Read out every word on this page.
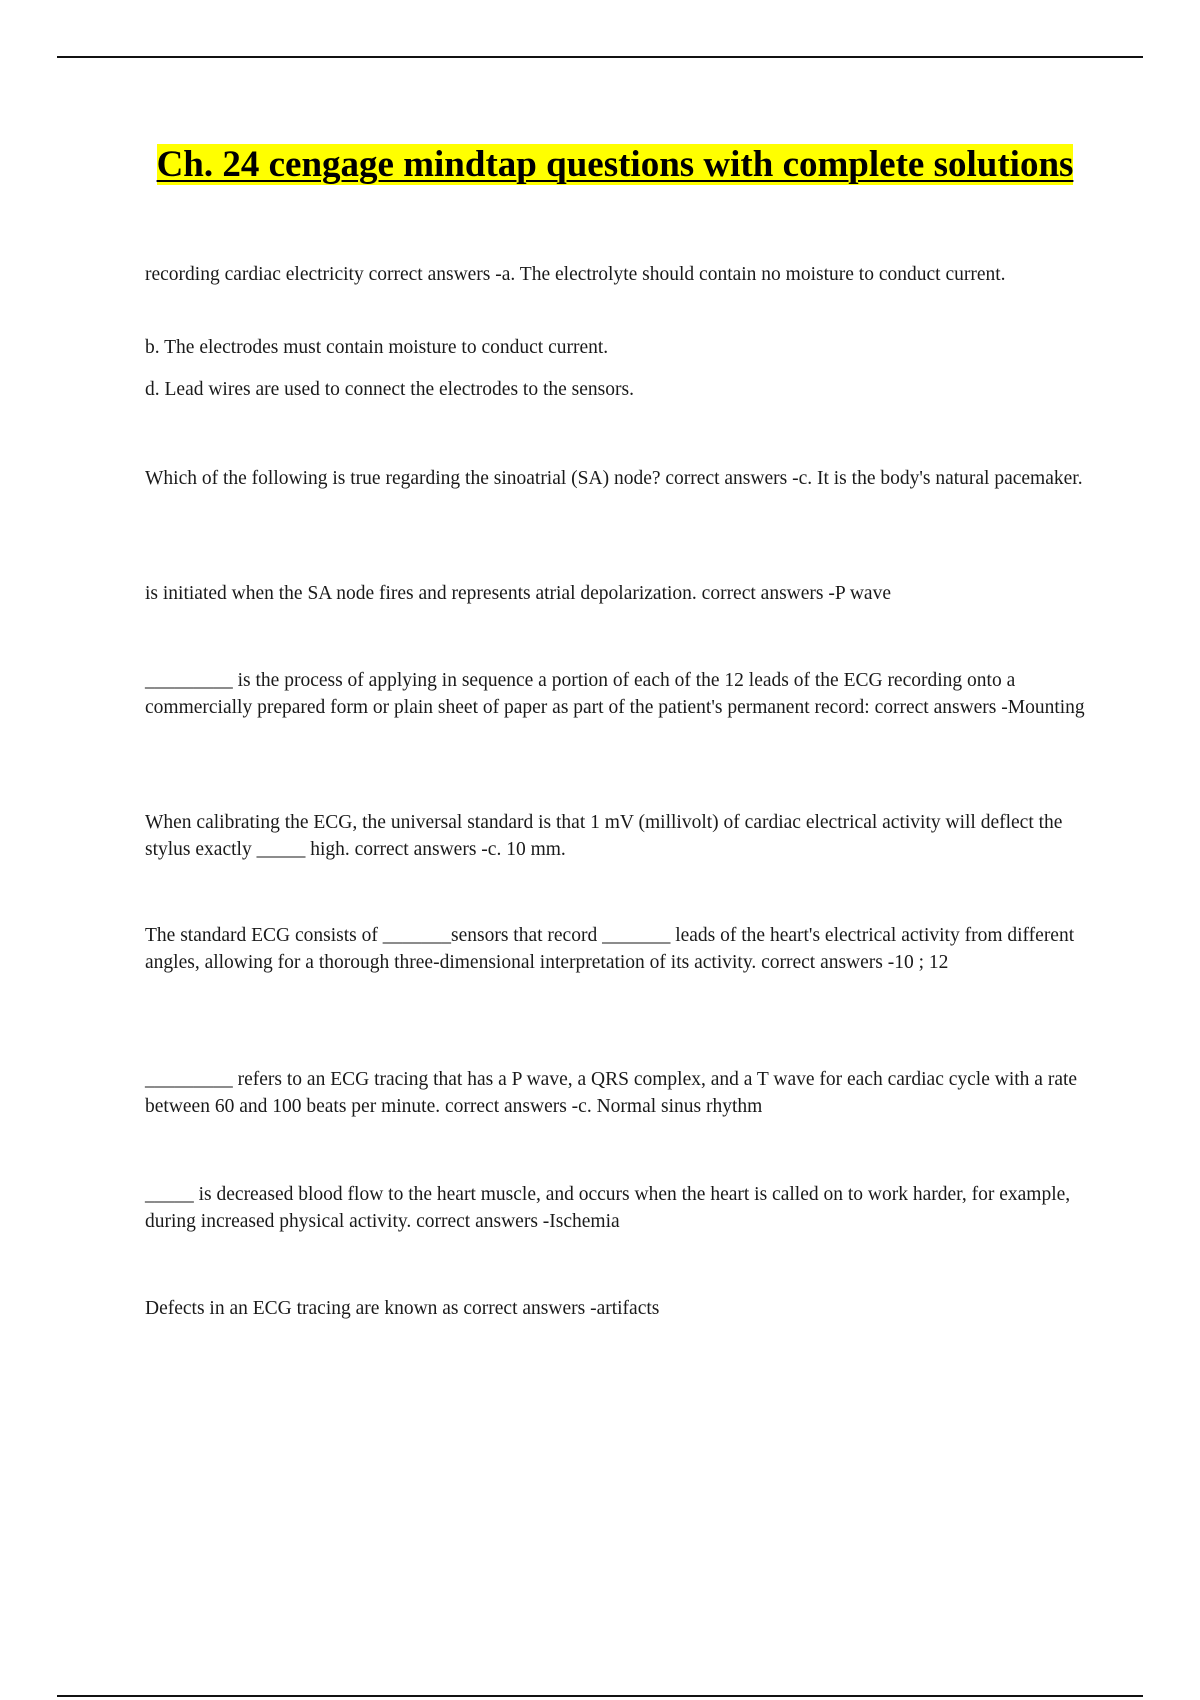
Ch. 24 cengage mindtap questions with complete solutions

recording cardiac electricity correct answers -a. The electrolyte should contain no moisture to conduct current.

b. The electrodes must contain moisture to conduct current.

d. Lead wires are used to connect the electrodes to the sensors.

Which of the following is true regarding the sinoatrial (SA) node? correct answers -c. It is the body's natural pacemaker.

is initiated when the SA node fires and represents atrial depolarization. correct answers -P wave

_________ is the process of applying in sequence a portion of each of the 12 leads of the ECG recording onto a commercially prepared form or plain sheet of paper as part of the patient's permanent record: correct answers -Mounting

When calibrating the ECG, the universal standard is that 1 mV (millivolt) of cardiac electrical activity will deflect the stylus exactly _____ high. correct answers -c. 10 mm.

The standard ECG consists of _______sensors that record _______ leads of the heart's electrical activity from different angles, allowing for a thorough three-dimensional interpretation of its activity. correct answers -10 ; 12

_________ refers to an ECG tracing that has a P wave, a QRS complex, and a T wave for each cardiac cycle with a rate between 60 and 100 beats per minute. correct answers -c. Normal sinus rhythm

_____ is decreased blood flow to the heart muscle, and occurs when the heart is called on to work harder, for example, during increased physical activity. correct answers -Ischemia

Defects in an ECG tracing are known as correct answers -artifacts
